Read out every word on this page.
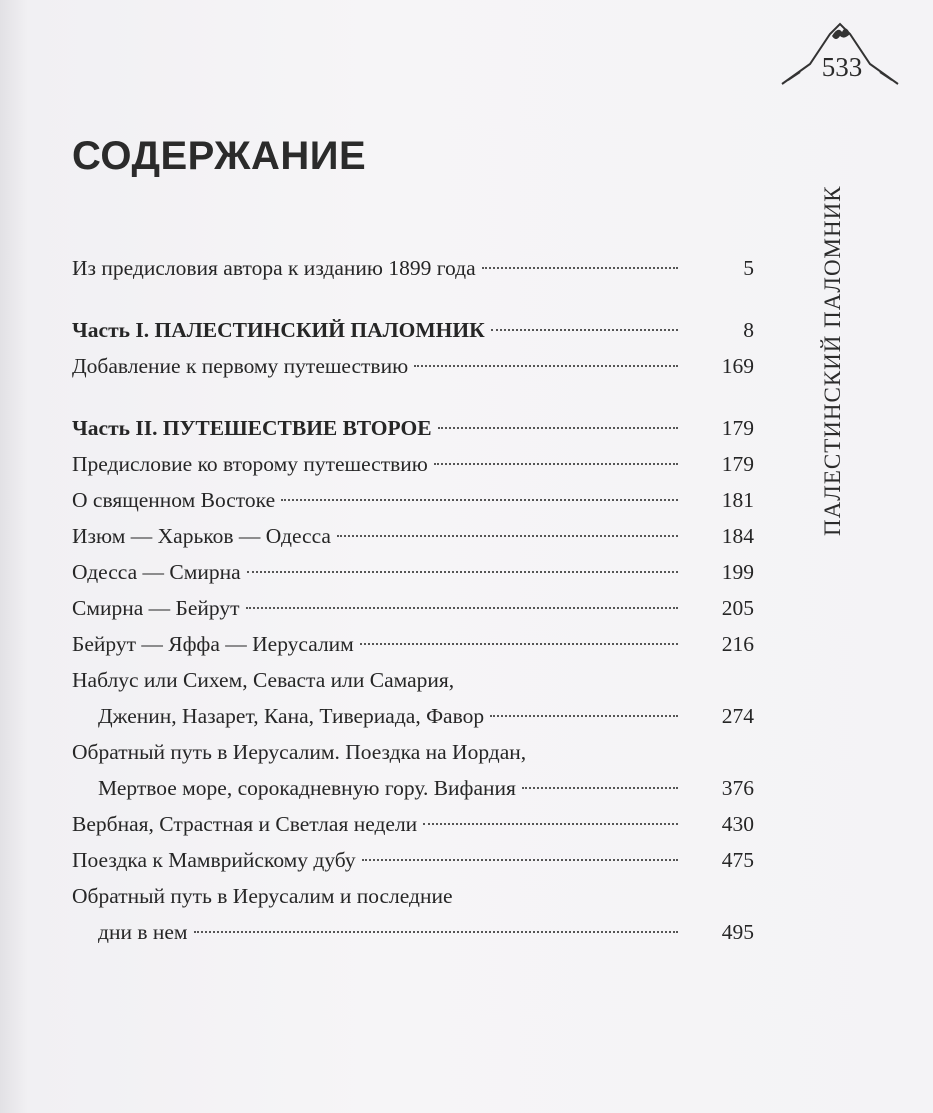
533
ПАЛЕСТИНСКИЙ ПАЛОМНИК
СОДЕРЖАНИЕ
Из предисловия автора к изданию 1899 года	5
Часть I. ПАЛЕСТИНСКИЙ ПАЛОМНИК	8
Добавление к первому путешествию	169
Часть II. ПУТЕШЕСТВИЕ ВТОРОЕ	179
Предисловие ко второму путешествию	179
О священном Востоке	181
Изюм — Харьков — Одесса	184
Одесса — Смирна	199
Смирна — Бейрут	205
Бейрут — Яффа — Иерусалим	216
Наблус или Сихем, Севаста или Самария,
Дженин, Назарет, Кана, Тивериада, Фавор	274
Обратный путь в Иерусалим. Поездка на Иордан,
Мертвое море, сорокадневную гору. Вифания	376
Вербная, Страстная и Светлая недели	430
Поездка к Мамврийскому дубу	475
Обратный путь в Иерусалим и последние
дни в нем	495
